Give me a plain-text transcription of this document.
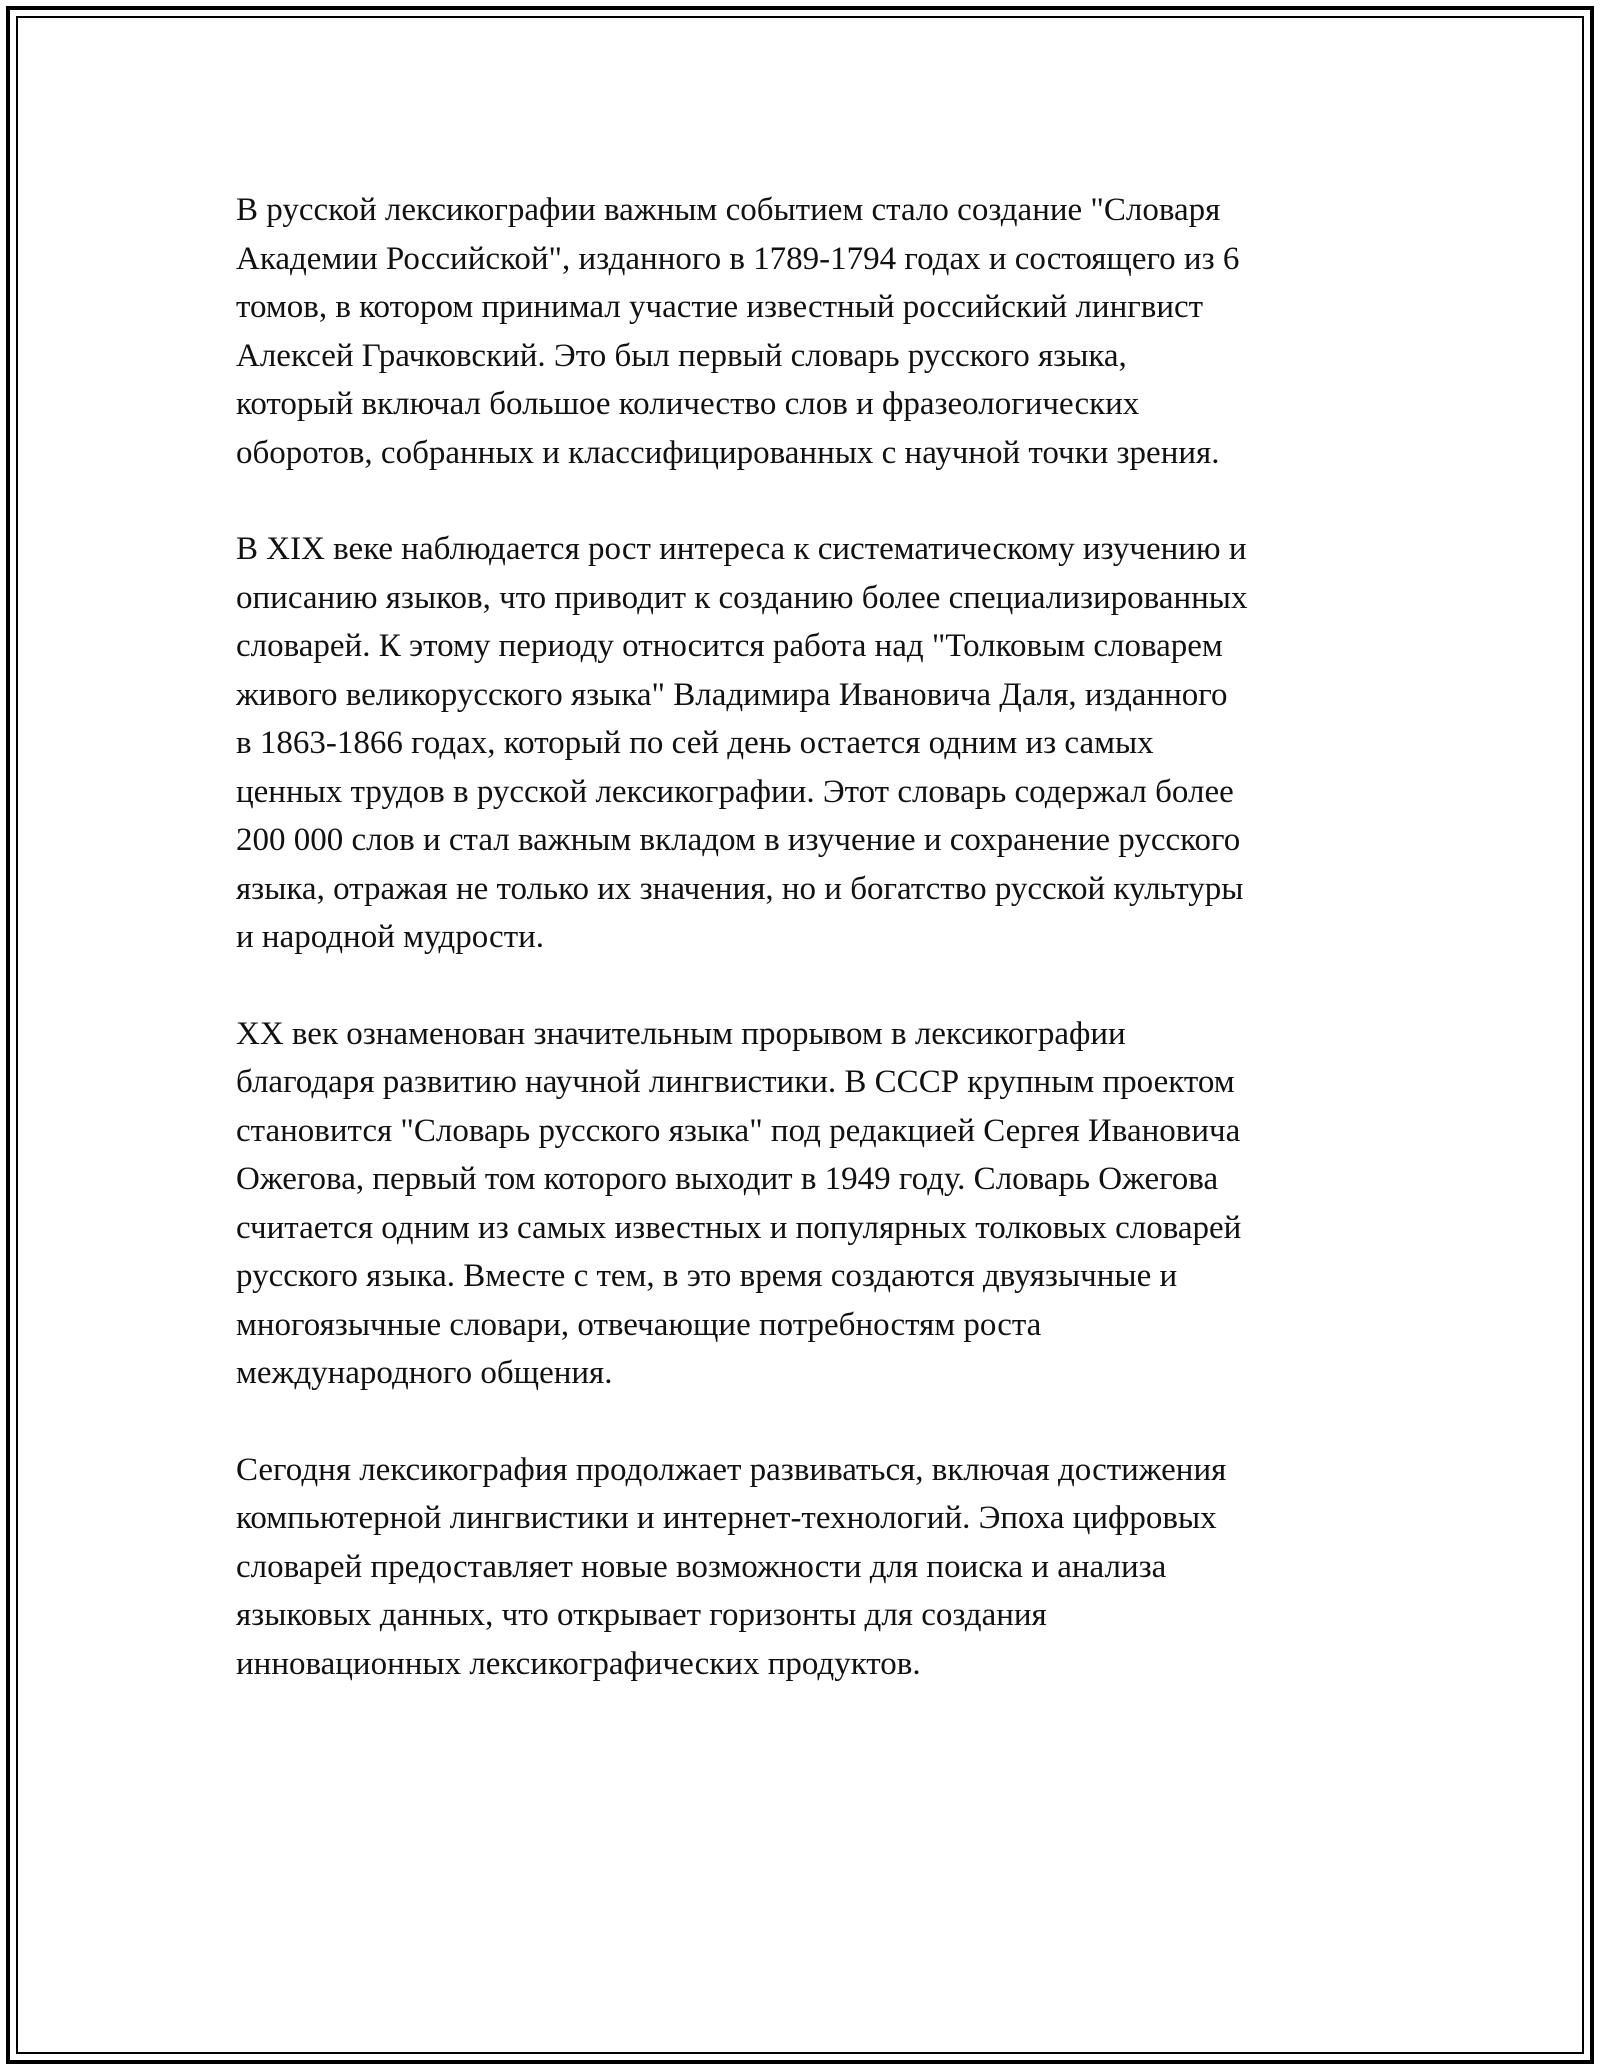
В русской лексикографии важным событием стало создание "Словаря
Академии Российской", изданного в 1789-1794 годах и состоящего из 6
томов, в котором принимал участие известный российский лингвист
Алексей Грачковский. Это был первый словарь русского языка,
который включал большое количество слов и фразеологических
оборотов, собранных и классифицированных с научной точки зрения.

В XIX веке наблюдается рост интереса к систематическому изучению и
описанию языков, что приводит к созданию более специализированных
словарей. К этому периоду относится работа над "Толковым словарем
живого великорусского языка" Владимира Ивановича Даля, изданного
в 1863-1866 годах, который по сей день остается одним из самых
ценных трудов в русской лексикографии. Этот словарь содержал более
200 000 слов и стал важным вкладом в изучение и сохранение русского
языка, отражая не только их значения, но и богатство русской культуры
и народной мудрости.

XX век ознаменован значительным прорывом в лексикографии
благодаря развитию научной лингвистики. В СССР крупным проектом
становится "Словарь русского языка" под редакцией Сергея Ивановича
Ожегова, первый том которого выходит в 1949 году. Словарь Ожегова
считается одним из самых известных и популярных толковых словарей
русского языка. Вместе с тем, в это время создаются двуязычные и
многоязычные словари, отвечающие потребностям роста
международного общения.

Сегодня лексикография продолжает развиваться, включая достижения
компьютерной лингвистики и интернет-технологий. Эпоха цифровых
словарей предоставляет новые возможности для поиска и анализа
языковых данных, что открывает горизонты для создания
инновационных лексикографических продуктов.
